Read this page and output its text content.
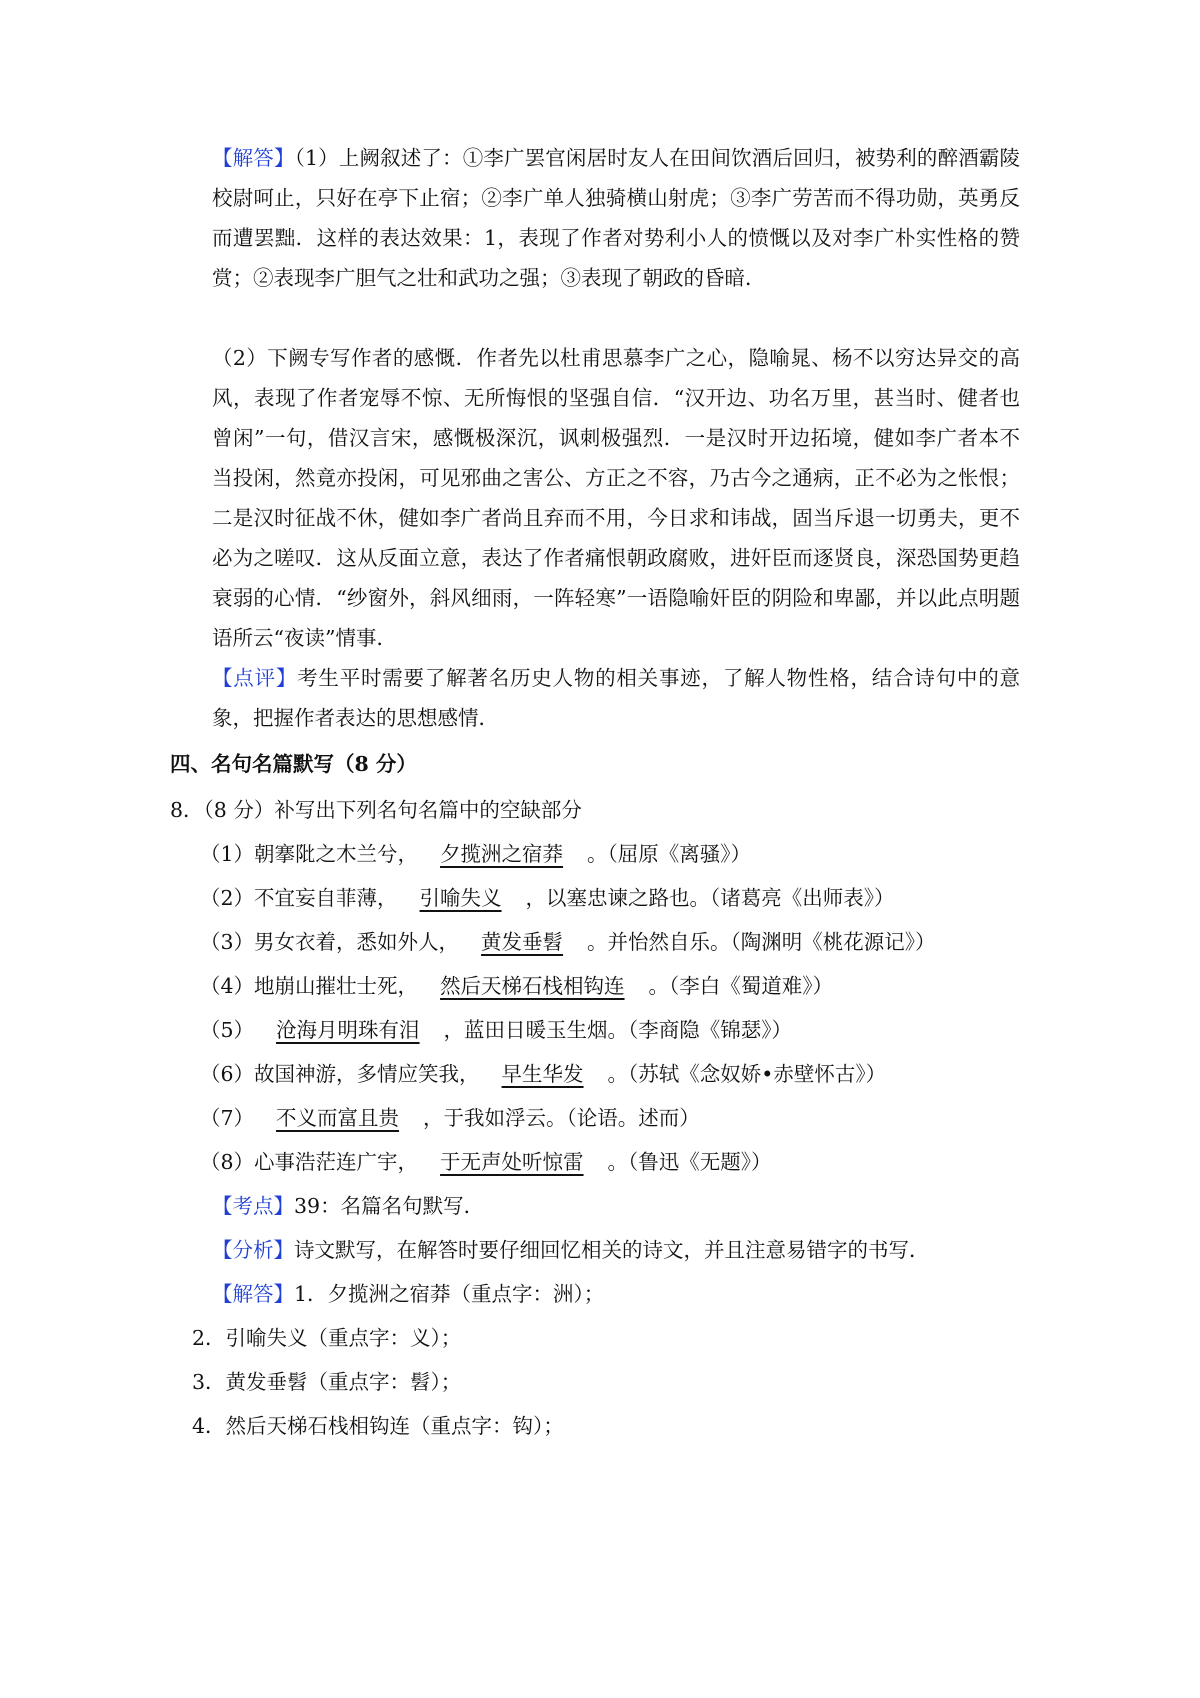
【解答】（1）上阙叙述了：①李广罢官闲居时友人在田间饮酒后回归，被势利的醉酒霸陵校尉呵止，只好在亭下止宿；②李广单人独骑横山射虎；③李广劳苦而不得功勋，英勇反而遭罢黜．这样的表达效果：1，表现了作者对势利小人的愤慨以及对李广朴实性格的赞赏；②表现李广胆气之壮和武功之强；③表现了朝政的昏暗．
（2）下阙专写作者的感慨．作者先以杜甫思慕李广之心，隐喻晁、杨不以穷达异交的高风，表现了作者宠辱不惊、无所悔恨的坚强自信．“汉开边、功名万里，甚当时、健者也曾闲”一句，借汉言宋，感慨极深沉，讽刺极强烈．一是汉时开边拓境，健如李广者本不当投闲，然竟亦投闲，可见邪曲之害公、方正之不容，乃古今之通病，正不必为之怅恨；二是汉时征战不休，健如李广者尚且弃而不用，今日求和讳战，固当斥退一切勇夫，更不必为之嗟叹．这从反面立意，表达了作者痛恨朝政腐败，进奸臣而逐贤良，深恐国势更趋衰弱的心情．“纱窗外，斜风细雨，一阵轻寒”一语隐喻奸臣的阴险和卑鄙，并以此点明题语所云“夜读”情事．
【点评】考生平时需要了解著名历史人物的相关事迹，了解人物性格，结合诗句中的意象，把握作者表达的思想感情．
四、名句名篇默写（8 分）
8．（8 分）补写出下列名句名篇中的空缺部分
（1）朝搴阰之木兰兮， 夕揽洲之宿莽 。（屈原《离骚》）
（2）不宜妄自菲薄， 引喻失义 ，以塞忠谏之路也。（诸葛亮《出师表》）
（3）男女衣着，悉如外人， 黄发垂髫 。并怡然自乐。（陶渊明《桃花源记》）
（4）地崩山摧壮士死， 然后天梯石栈相钩连 。（李白《蜀道难》）
（5） 沧海月明珠有泪 ，蓝田日暖玉生烟。（李商隐《锦瑟》）
（6）故国神游，多情应笑我， 早生华发 。（苏轼《念奴娇•赤壁怀古》）
（7） 不义而富且贵 ，于我如浮云。（论语。述而）
（8）心事浩茫连广宇， 于无声处听惊雷 。（鲁迅《无题》）
【考点】39：名篇名句默写．
【分析】诗文默写，在解答时要仔细回忆相关的诗文，并且注意易错字的书写．
【解答】1．夕揽洲之宿莽（重点字：洲）；
2．引喻失义（重点字：义）；
3．黄发垂髫（重点字：髫）；
4．然后天梯石栈相钩连（重点字：钩）；
